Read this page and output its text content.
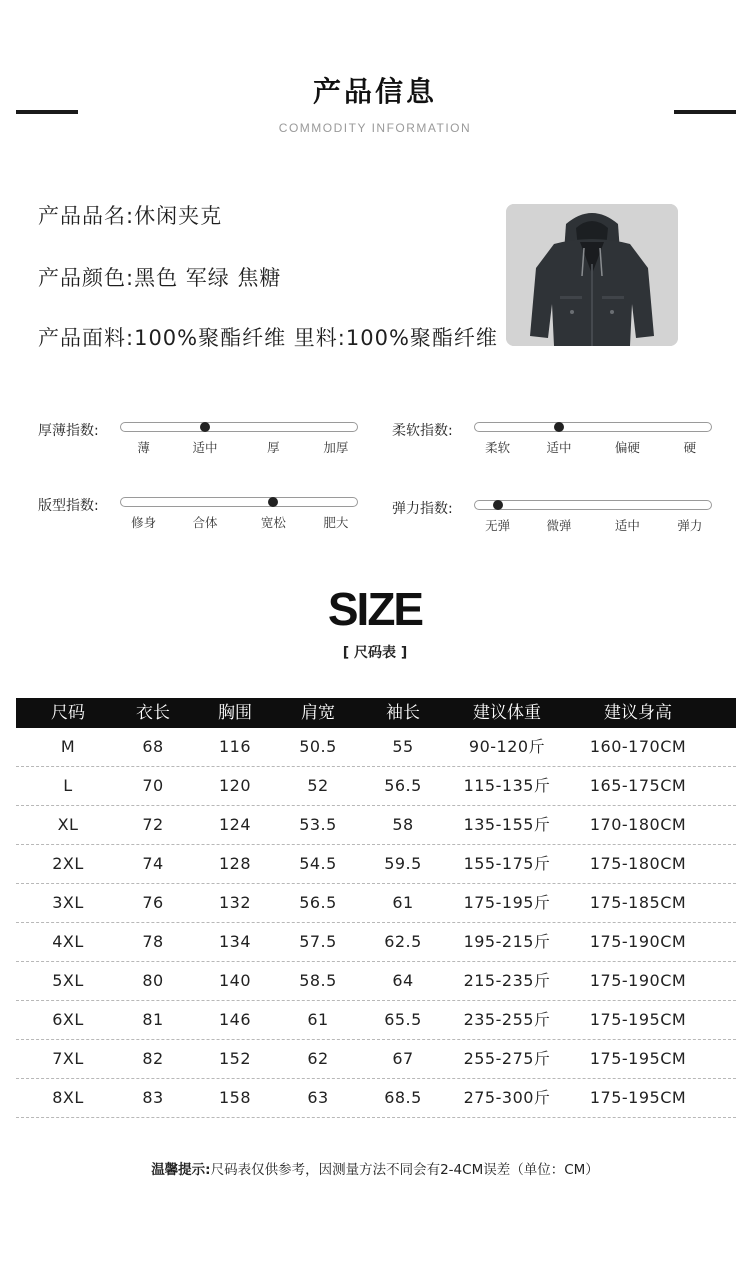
产品信息
COMMODITY INFORMATION
产品品名:休闲夹克
产品颜色:黑色 军绿 焦糖
产品面料:100%聚酯纤维 里料:100%聚酯纤维
厚薄指数:
薄	适中	厚	加厚
柔软指数:
柔软	适中	偏硬	硬
版型指数:
修身	合体	宽松	肥大
弹力指数:
无弹	微弹	适中	弹力
SIZE
[ 尺码表 ]
尺码	衣长	胸围	肩宽	袖长	建议体重	建议身高
M	68	116	50.5	55	90-120斤	160-170CM
L	70	120	52	56.5	115-135斤 165-175CM
XL	72	124	53.5	58	135-155斤 170-180CM
2XL	74	128	54.5	59.5	155-175斤 175-180CM
3XL	76	132	56.5	61	175-195斤 175-185CM
4XL	78	134	57.5	62.5	195-215斤 175-190CM
5XL	80	140	58.5	64	215-235斤 175-190CM
6XL	81	146	61	65.5	235-255斤 175-195CM
7XL	82	152	62	67	255-275斤 175-195CM
8XL	83	158	63	68.5	275-300斤 175-195CM
温馨提示:尺码表仅供参考，因测量方法不同会有2-4CM误差（单位：CM）
